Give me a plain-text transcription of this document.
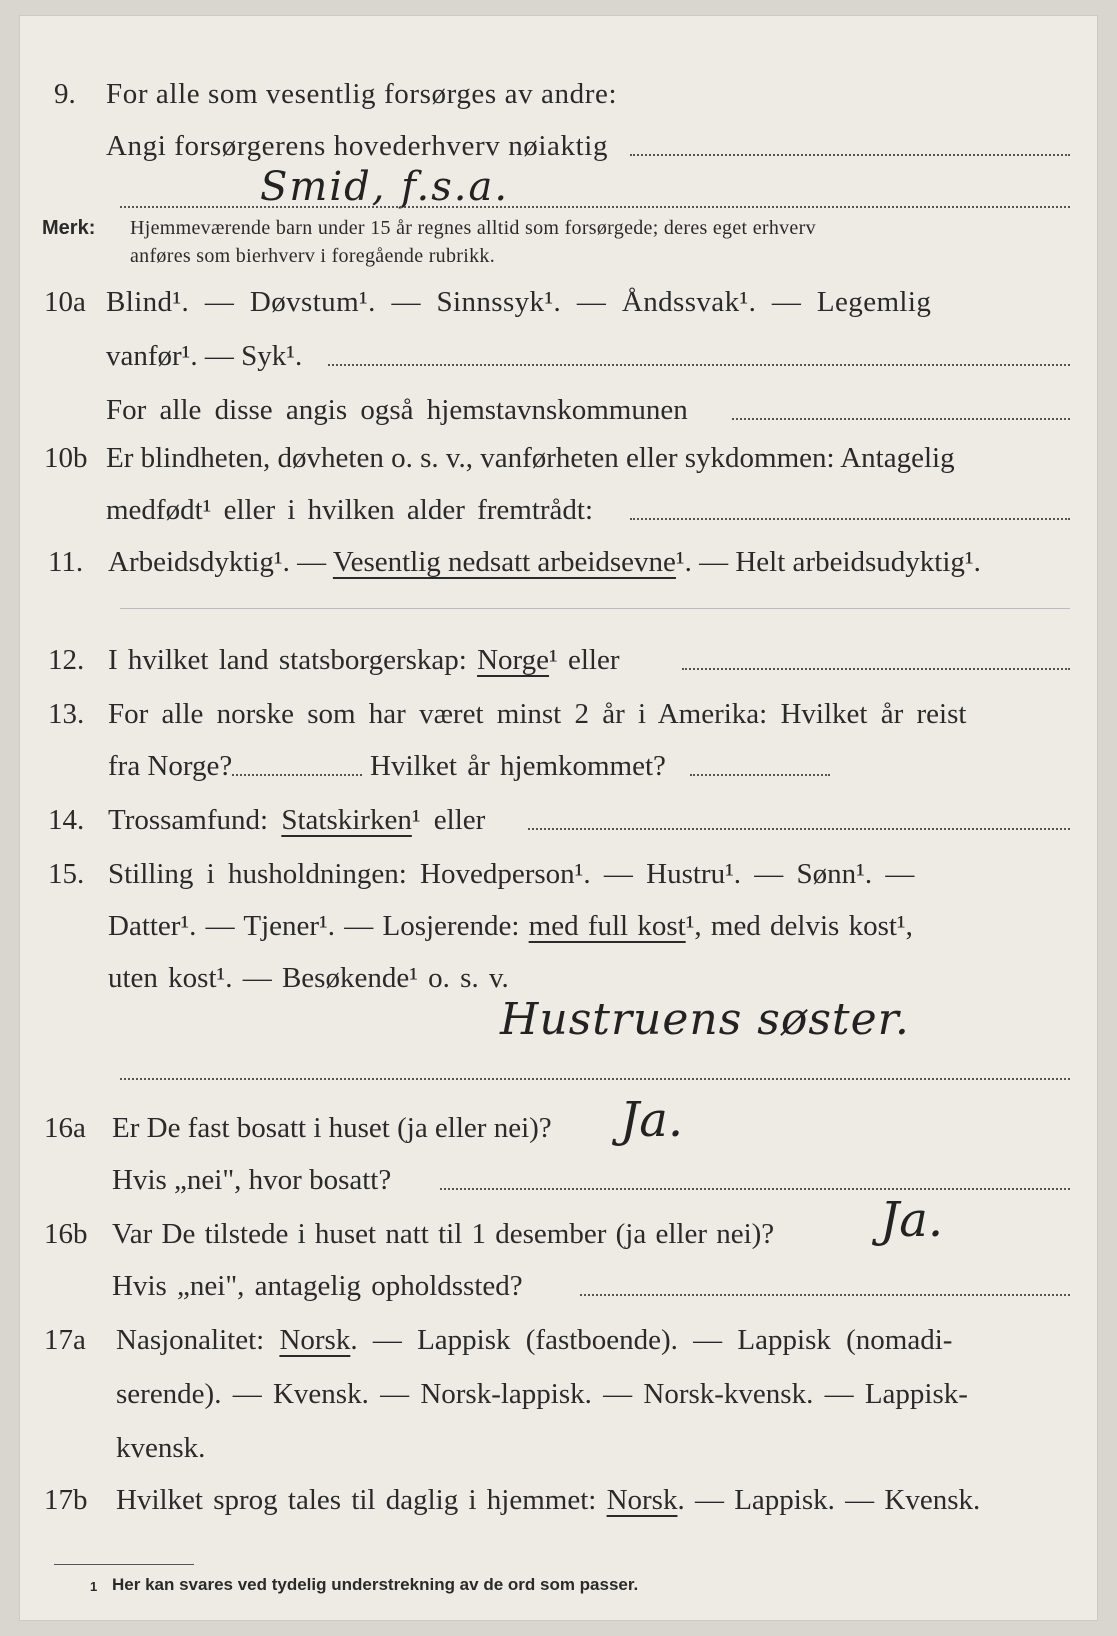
9. For alle som vesentlig forsørges av andre:
Angi forsørgerens hovederhverv nøiaktig
Smid, f.s.a.
Merk: Hjemmeværende barn under 15 år regnes alltid som forsørgede; deres eget erhverv
anføres som bierhverv i foregående rubrikk.
10a Blind¹. — Døvstum¹. — Sinnssyk¹. — Åndssvak¹. — Legemlig
vanfør¹. — Syk¹.
For alle disse angis også hjemstavnskommunen
10b Er blindheten, døvheten o. s. v., vanførheten eller sykdommen: Antagelig
medfødt¹ eller i hvilken alder fremtrådt:
11. Arbeidsdyktig¹. — Vesentlig nedsatt arbeidsevne¹. — Helt arbeidsudyktig¹.
12. I hvilket land statsborgerskap: Norge¹ eller
13. For alle norske som har været minst 2 år i Amerika: Hvilket år reist
fra Norge?	Hvilket år hjemkommet?
14. Trossamfund: Statskirken¹ eller
15. Stilling i husholdningen: Hovedperson¹. — Hustru¹. — Sønn¹. —
Datter¹. — Tjener¹. — Losjerende: med full kost¹, med delvis kost¹,
uten kost¹. — Besøkende¹ o. s. v.
Hustruens søster.
16a Er De fast bosatt i huset (ja eller nei)? Ja.
Hvis „nei", hvor bosatt?
16b Var De tilstede i huset natt til 1 desember (ja eller nei)? Ja.
Hvis „nei", antagelig opholdssted?
17a Nasjonalitet: Norsk. — Lappisk (fastboende). — Lappisk (nomadi-
serende). — Kvensk. — Norsk-lappisk. — Norsk-kvensk. — Lappisk-
kvensk.
17b Hvilket sprog tales til daglig i hjemmet: Norsk. — Lappisk. — Kvensk.
1 Her kan svares ved tydelig understrekning av de ord som passer.
